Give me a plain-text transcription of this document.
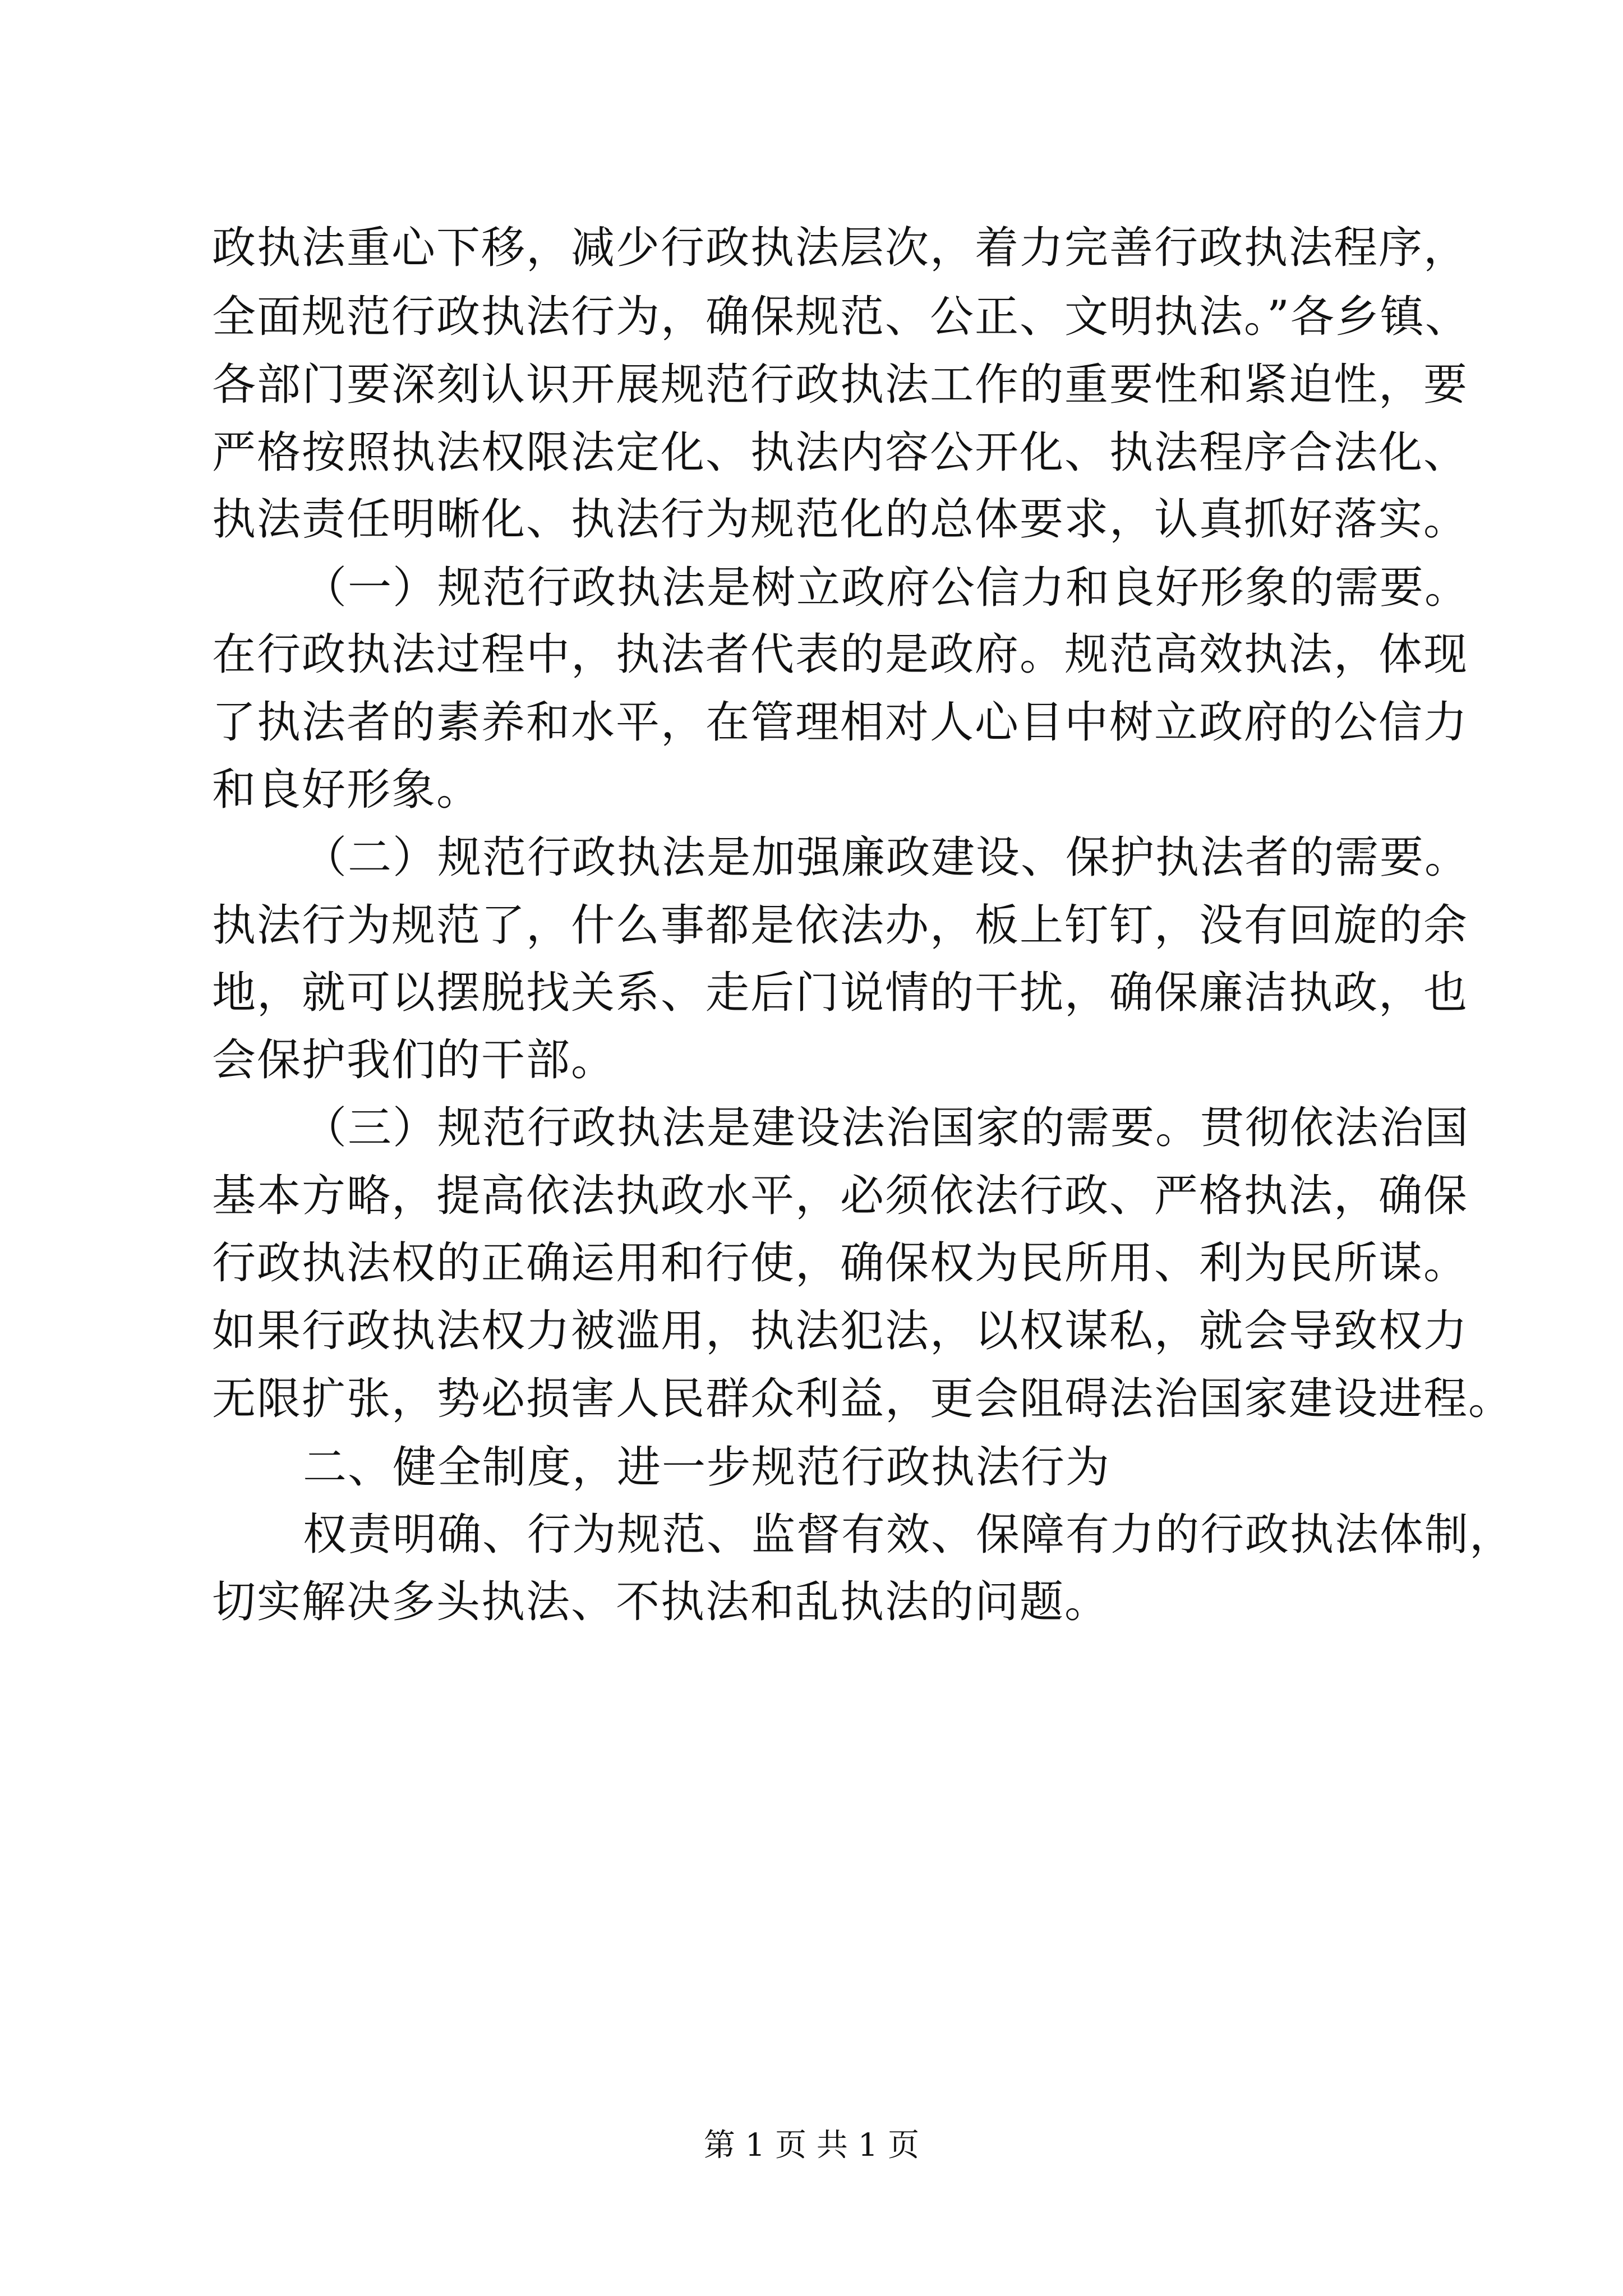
政执法重心下移，减少行政执法层次，着力完善行政执法程序，
全面规范行政执法行为，确保规范、公正、文明执法。”各乡镇、
各部门要深刻认识开展规范行政执法工作的重要性和紧迫性，要
严格按照执法权限法定化、执法内容公开化、执法程序合法化、
执法责任明晰化、执法行为规范化的总体要求，认真抓好落实。
（一）规范行政执法是树立政府公信力和良好形象的需要。
在行政执法过程中，执法者代表的是政府。规范高效执法，体现
了执法者的素养和水平，在管理相对人心目中树立政府的公信力
和良好形象。
（二）规范行政执法是加强廉政建设、保护执法者的需要。
执法行为规范了，什么事都是依法办，板上钉钉，没有回旋的余
地，就可以摆脱找关系、走后门说情的干扰，确保廉洁执政，也
会保护我们的干部。
（三）规范行政执法是建设法治国家的需要。贯彻依法治国
基本方略，提高依法执政水平，必须依法行政、严格执法，确保
行政执法权的正确运用和行使，确保权为民所用、利为民所谋。
如果行政执法权力被滥用，执法犯法，以权谋私，就会导致权力
无限扩张，势必损害人民群众利益，更会阻碍法治国家建设进程。
二、健全制度，进一步规范行政执法行为
权责明确、行为规范、监督有效、保障有力的行政执法体制，
切实解决多头执法、不执法和乱执法的问题。
第 1 页 共 1 页
